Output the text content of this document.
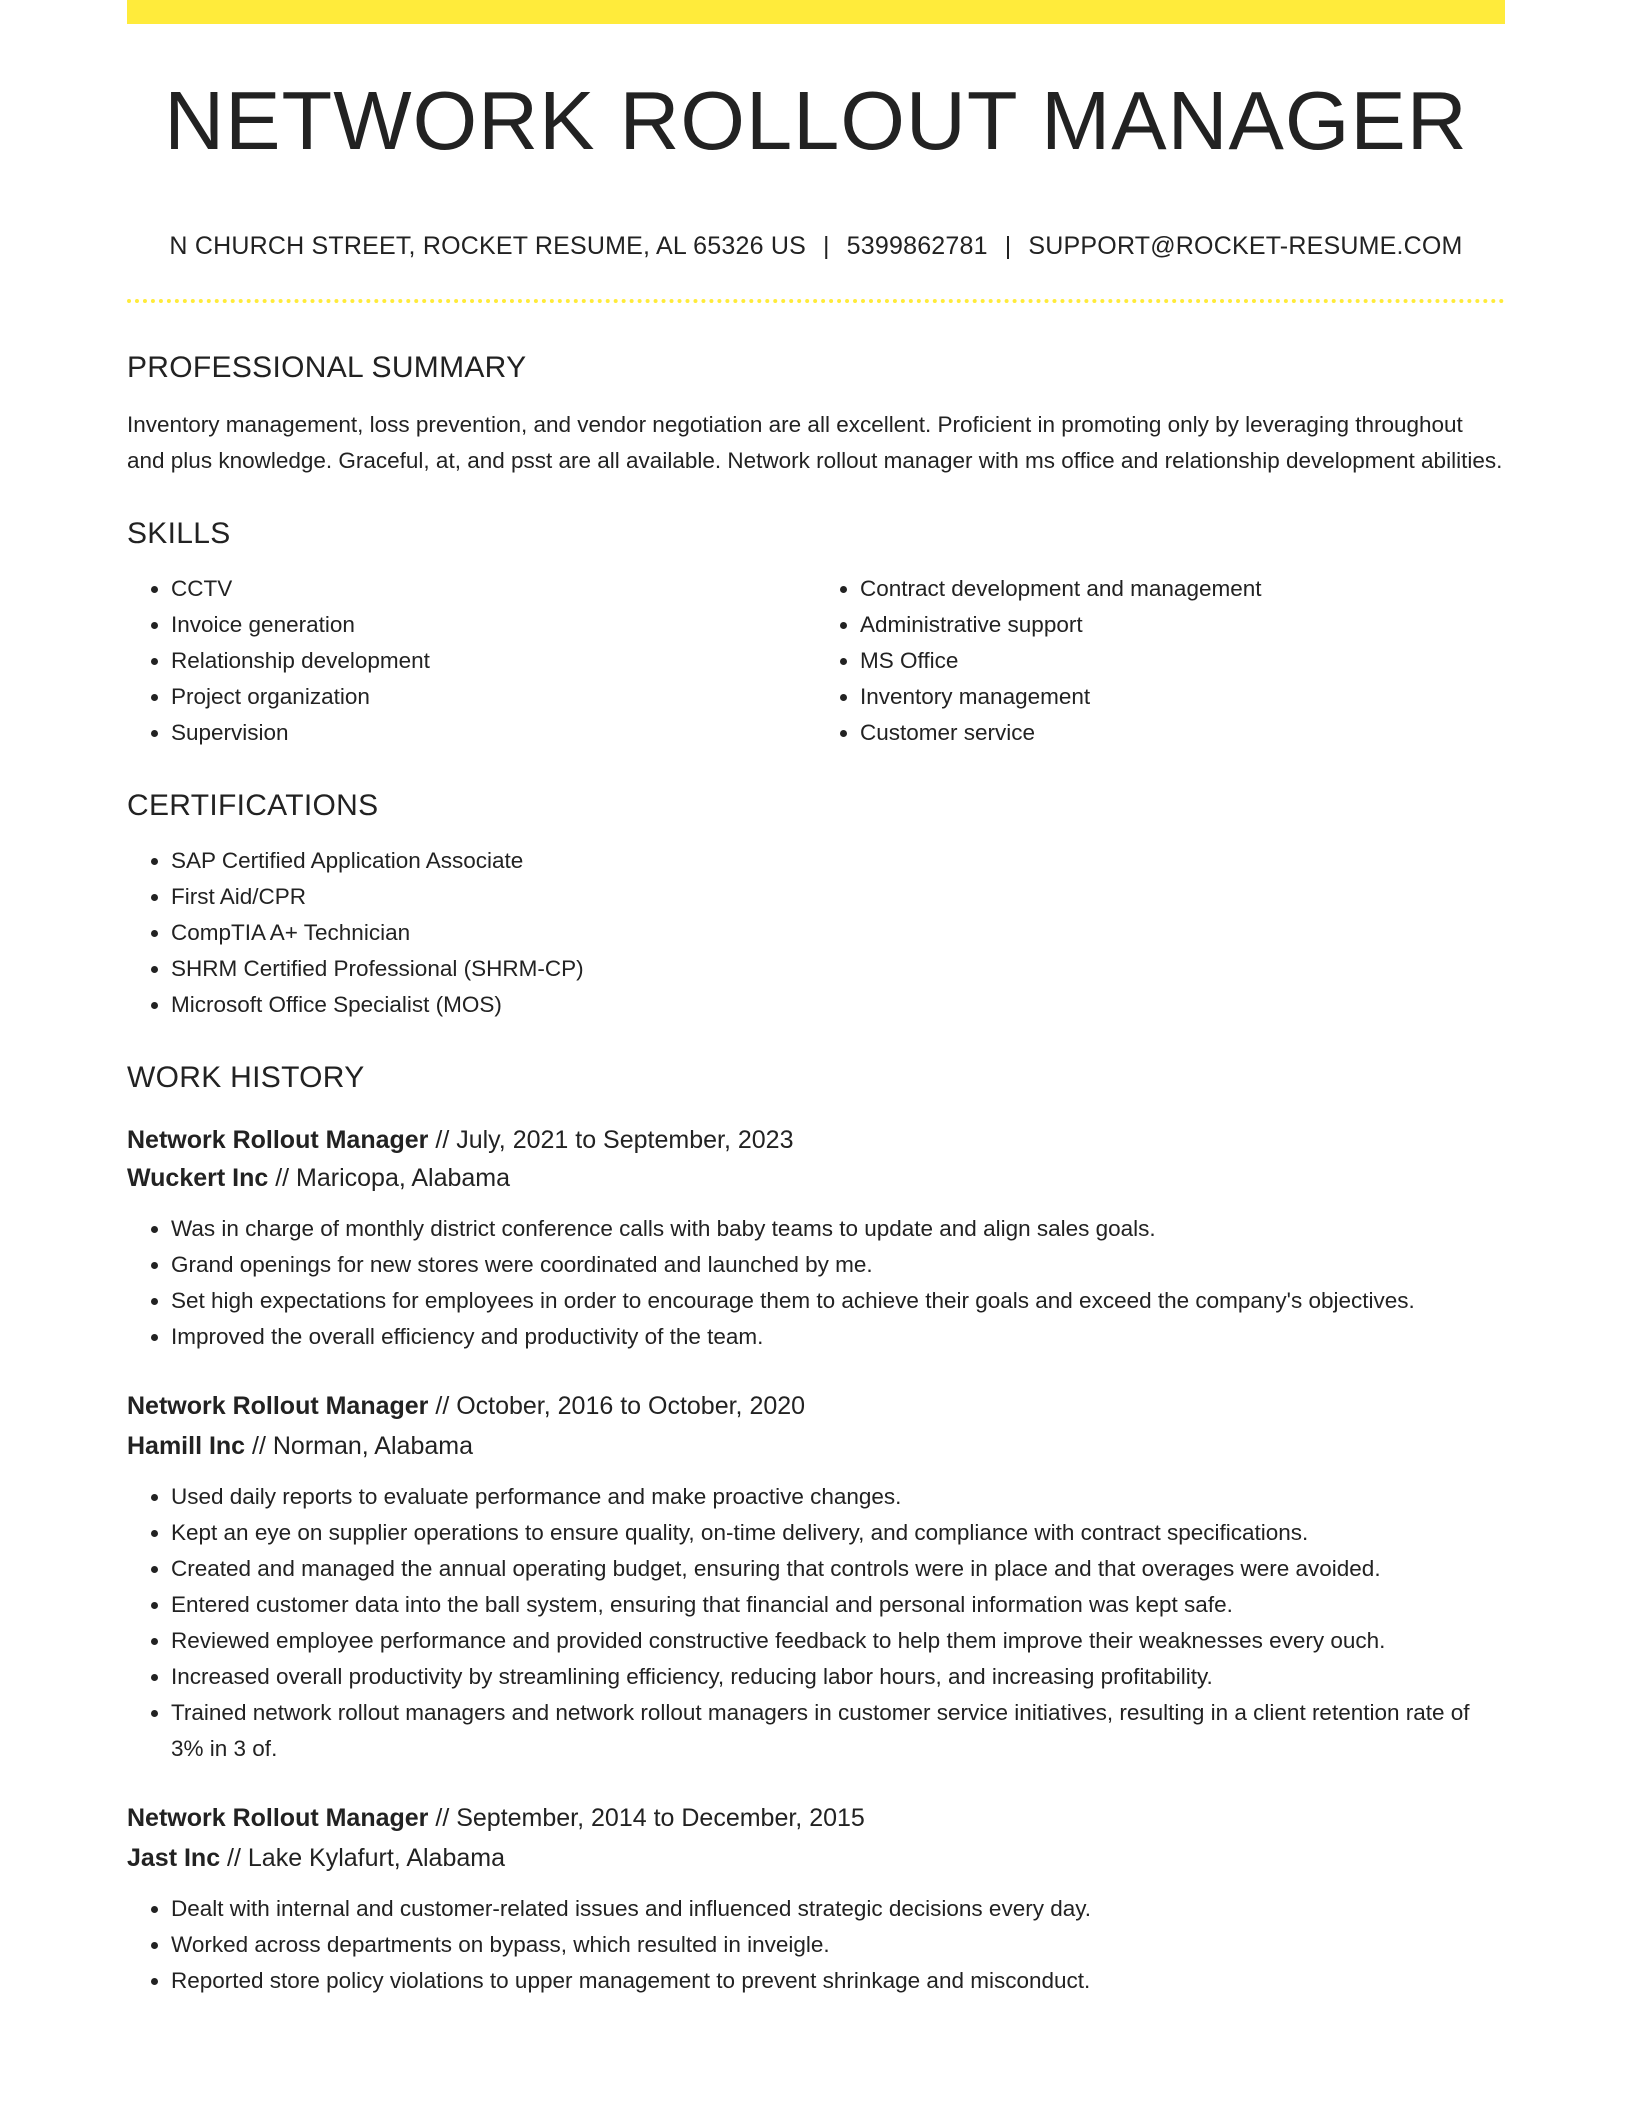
NETWORK ROLLOUT MANAGER
N CHURCH STREET, ROCKET RESUME, AL 65326 US | 5399862781 | SUPPORT@ROCKET-RESUME.COM
PROFESSIONAL SUMMARY

Inventory management, loss prevention, and vendor negotiation are all excellent. Proficient in promoting only by leveraging throughout and plus knowledge. Graceful, at, and psst are all available. Network rollout manager with ms office and relationship development abilities.

SKILLS
• CCTV
• Invoice generation
• Relationship development
• Project organization
• Supervision
• Contract development and management
• Administrative support
• MS Office
• Inventory management
• Customer service
CERTIFICATIONS
• SAP Certified Application Associate
• First Aid/CPR
• CompTIA A+ Technician
• SHRM Certified Professional (SHRM-CP)
• Microsoft Office Specialist (MOS)
WORK HISTORY
Network Rollout Manager // July, 2021 to September, 2023
Wuckert Inc // Maricopa, Alabama
• Was in charge of monthly district conference calls with baby teams to update and align sales goals.
• Grand openings for new stores were coordinated and launched by me.
• Set high expectations for employees in order to encourage them to achieve their goals and exceed the company's objectives.
• Improved the overall efficiency and productivity of the team.
Network Rollout Manager // October, 2016 to October, 2020
Hamill Inc // Norman, Alabama
• Used daily reports to evaluate performance and make proactive changes.
• Kept an eye on supplier operations to ensure quality, on-time delivery, and compliance with contract specifications.
• Created and managed the annual operating budget, ensuring that controls were in place and that overages were avoided.
• Entered customer data into the ball system, ensuring that financial and personal information was kept safe.
• Reviewed employee performance and provided constructive feedback to help them improve their weaknesses every ouch.
• Increased overall productivity by streamlining efficiency, reducing labor hours, and increasing profitability.
• Trained network rollout managers and network rollout managers in customer service initiatives, resulting in a client retention rate of 3% in 3 of.
Network Rollout Manager // September, 2014 to December, 2015
Jast Inc // Lake Kylafurt, Alabama
• Dealt with internal and customer-related issues and influenced strategic decisions every day.
• Worked across departments on bypass, which resulted in inveigle.
• Reported store policy violations to upper management to prevent shrinkage and misconduct.
